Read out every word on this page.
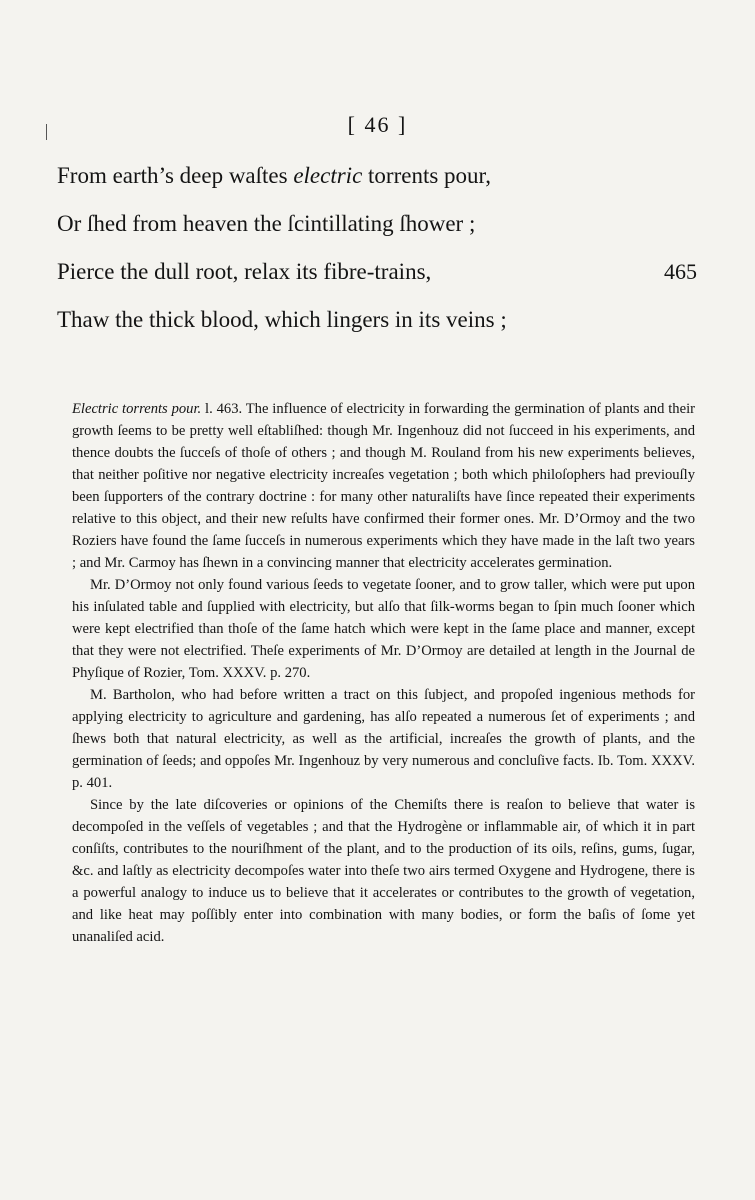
[ 46 ]
From earth’s deep waſtes electric torrents pour,
Or ſhed from heaven the ſcintillating ſhower ;
Pierce the dull root, relax its fibre-trains,	465
Thaw the thick blood, which lingers in its veins ;

Electric torrents pour. l. 463. The influence of electricity in forwarding the germination of plants and their growth ſeems to be pretty well eſtabliſhed: though Mr. Ingenhouz did not ſucceed in his experiments, and thence doubts the ſucceſs of thoſe of others ; and though M. Rouland from his new experiments believes, that neither poſitive nor negative electricity increaſes vegetation ; both which philoſophers had previouſly been ſupporters of the contrary doctrine : for many other naturaliſts have ſince repeated their experiments relative to this object, and their new reſults have confirmed their former ones. Mr. D’Ormoy and the two Roziers have found the ſame ſucceſs in numerous experiments which they have made in the laſt two years ; and Mr. Carmoy has ſhewn in a convincing manner that electricity accelerates germination.

Mr. D’Ormoy not only found various ſeeds to vegetate ſooner, and to grow taller, which were put upon his inſulated table and ſupplied with electricity, but alſo that ſilk-worms began to ſpin much ſooner which were kept electrified than thoſe of the ſame hatch which were kept in the ſame place and manner, except that they were not electrified. Theſe experiments of Mr. D’Ormoy are detailed at length in the Journal de Phyſique of Rozier, Tom. XXXV. p. 270.

M. Bartholon, who had before written a tract on this ſubject, and propoſed ingenious methods for applying electricity to agriculture and gardening, has alſo repeated a numerous ſet of experiments ; and ſhews both that natural electricity, as well as the artificial, increaſes the growth of plants, and the germination of ſeeds; and oppoſes Mr. Ingenhouz by very numerous and concluſive facts. Ib. Tom. XXXV. p. 401.

Since by the late diſcoveries or opinions of the Chemiſts there is reaſon to believe that water is decompoſed in the veſſels of vegetables ; and that the Hydrogène or inflammable air, of which it in part conſiſts, contributes to the nouriſhment of the plant, and to the production of its oils, reſins, gums, ſugar, &c. and laſtly as electricity decompoſes water into theſe two airs termed Oxygene and Hydrogene, there is a powerful analogy to induce us to believe that it accelerates or contributes to the growth of vegetation, and like heat may poſſibly enter into combination with many bodies, or form the baſis of ſome yet unanaliſed acid.
